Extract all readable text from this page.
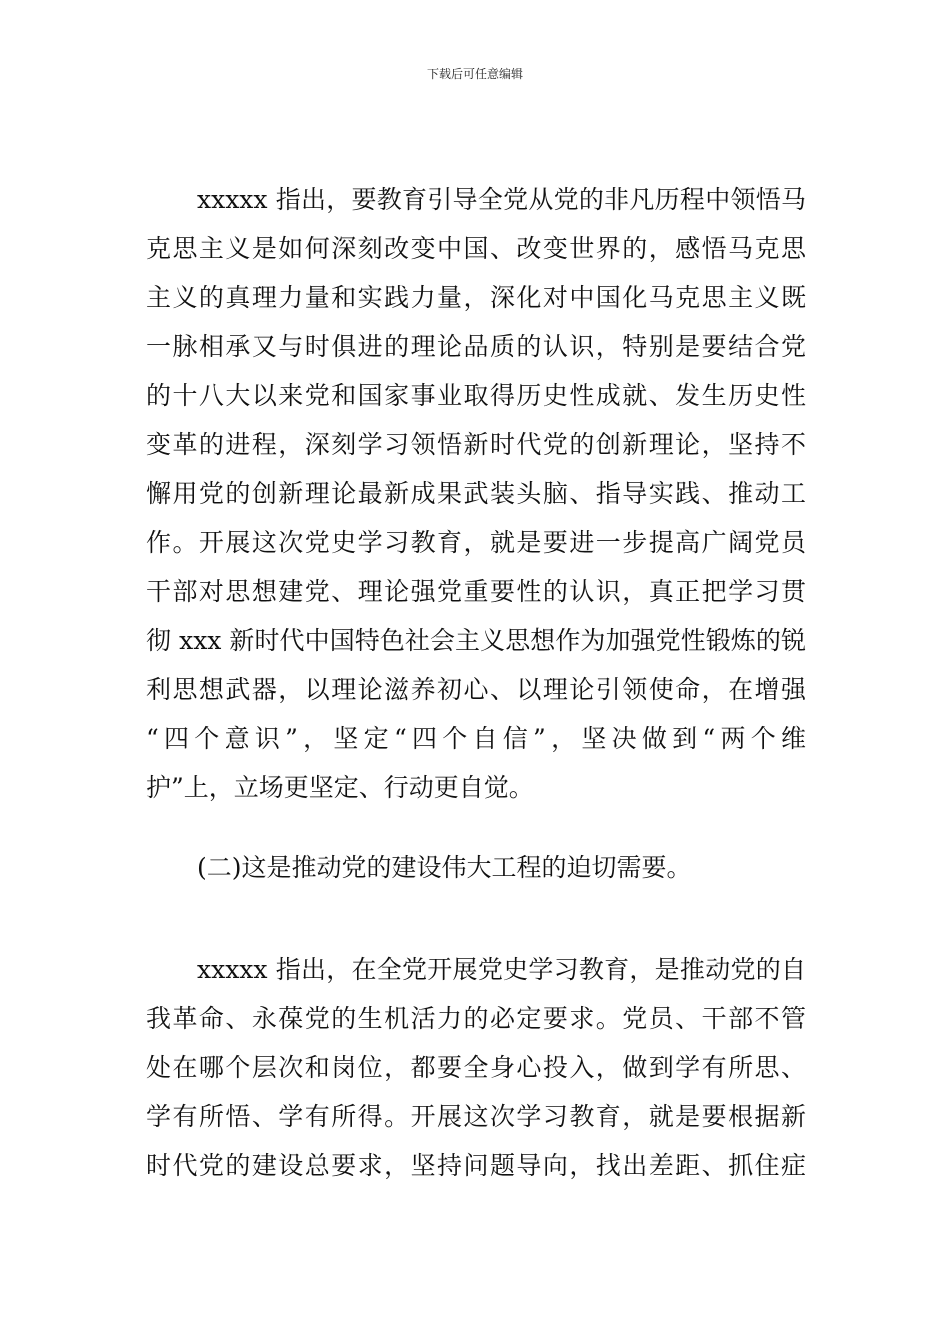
下载后可任意编辑
xxxxx 指出，要教育引导全党从党的非凡历程中领悟马
克思主义是如何深刻改变中国、改变世界的，感悟马克思
主义的真理力量和实践力量，深化对中国化马克思主义既
一脉相承又与时俱进的理论品质的认识，特别是要结合党
的十八大以来党和国家事业取得历史性成就、发生历史性
变革的进程，深刻学习领悟新时代党的创新理论，坚持不
懈用党的创新理论最新成果武装头脑、指导实践、推动工
作。开展这次党史学习教育，就是要进一步提高广阔党员
干部对思想建党、理论强党重要性的认识，真正把学习贯
彻 xxx 新时代中国特色社会主义思想作为加强党性锻炼的锐
利思想武器，以理论滋养初心、以理论引领使命，在增强
“四个意识”，坚定“四个自信”，坚决做到“两个维
护”上，立场更坚定、行动更自觉。
(二)这是推动党的建设伟大工程的迫切需要。
xxxxx 指出，在全党开展党史学习教育，是推动党的自
我革命、永葆党的生机活力的必定要求。党员、干部不管
处在哪个层次和岗位，都要全身心投入，做到学有所思、
学有所悟、学有所得。开展这次学习教育，就是要根据新
时代党的建设总要求，坚持问题导向，找出差距、抓住症
